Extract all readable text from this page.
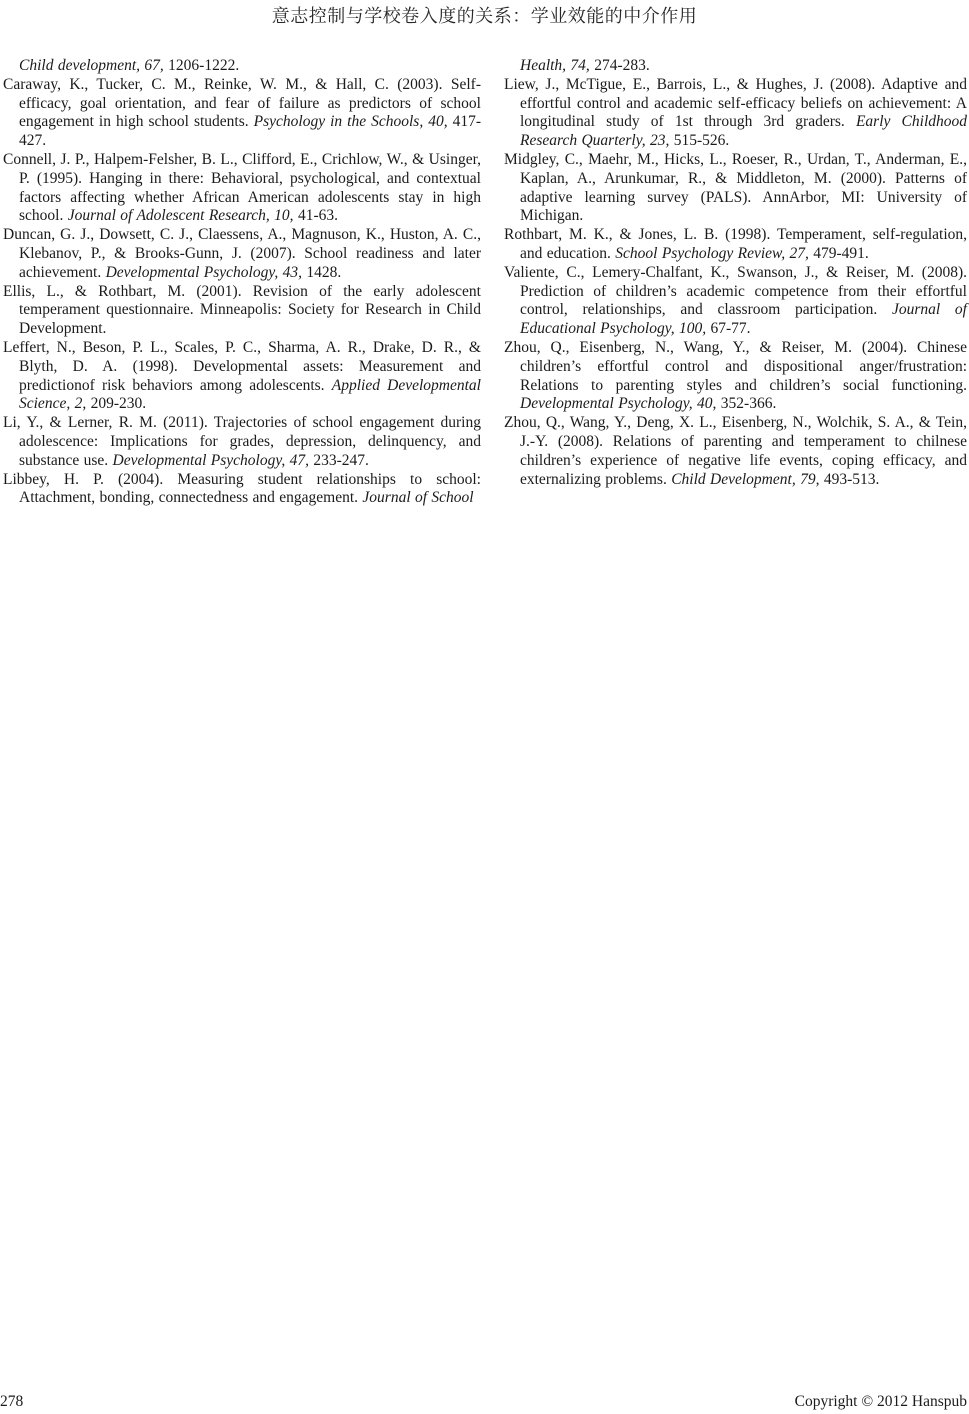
意志控制与学校卷入度的关系：学业效能的中介作用

Child development, 67, 1206-1222.

Caraway, K., Tucker, C. M., Reinke, W. M., & Hall, C. (2003). Self-efficacy, goal orientation, and fear of failure as predictors of school engagement in high school students. Psychology in the Schools, 40, 417-427.

Connell, J. P., Halpem-Felsher, B. L., Clifford, E., Crichlow, W., & Usinger, P. (1995). Hanging in there: Behavioral, psychological, and contextual factors affecting whether African American adolescents stay in high school. Journal of Adolescent Research, 10, 41-63.

Duncan, G. J., Dowsett, C. J., Claessens, A., Magnuson, K., Huston, A. C., Klebanov, P., & Brooks-Gunn, J. (2007). School readiness and later achievement. Developmental Psychology, 43, 1428.

Ellis, L., & Rothbart, M. (2001). Revision of the early adolescent temperament questionnaire. Minneapolis: Society for Research in Child Development.

Leffert, N., Beson, P. L., Scales, P. C., Sharma, A. R., Drake, D. R., & Blyth, D. A. (1998). Developmental assets: Measurement and predictionof risk behaviors among adolescents. Applied Developmental Science, 2, 209-230.

Li, Y., & Lerner, R. M. (2011). Trajectories of school engagement during adolescence: Implications for grades, depression, delinquency, and substance use. Developmental Psychology, 47, 233-247.

Libbey, H. P. (2004). Measuring student relationships to school: Attachment, bonding, connectedness and engagement. Journal of School

Health, 74, 274-283.

Liew, J., McTigue, E., Barrois, L., & Hughes, J. (2008). Adaptive and effortful control and academic self-efficacy beliefs on achievement: A longitudinal study of 1st through 3rd graders. Early Childhood Research Quarterly, 23, 515-526.

Midgley, C., Maehr, M., Hicks, L., Roeser, R., Urdan, T., Anderman, E., Kaplan, A., Arunkumar, R., & Middleton, M. (2000). Patterns of adaptive learning survey (PALS). AnnArbor, MI: University of Michigan.

Rothbart, M. K., & Jones, L. B. (1998). Temperament, self-regulation, and education. School Psychology Review, 27, 479-491.

Valiente, C., Lemery-Chalfant, K., Swanson, J., & Reiser, M. (2008). Prediction of children’s academic competence from their effortful control, relationships, and classroom participation. Journal of Educational Psychology, 100, 67-77.

Zhou, Q., Eisenberg, N., Wang, Y., & Reiser, M. (2004). Chinese children’s effortful control and dispositional anger/frustration: Relations to parenting styles and children’s social functioning. Developmental Psychology, 40, 352-366.

Zhou, Q., Wang, Y., Deng, X. L., Eisenberg, N., Wolchik, S. A., & Tein, J.-Y. (2008). Relations of parenting and temperament to chilnese children’s experience of negative life events, coping efficacy, and externalizing problems. Child Development, 79, 493-513.

278	Copyright © 2012 Hanspub
